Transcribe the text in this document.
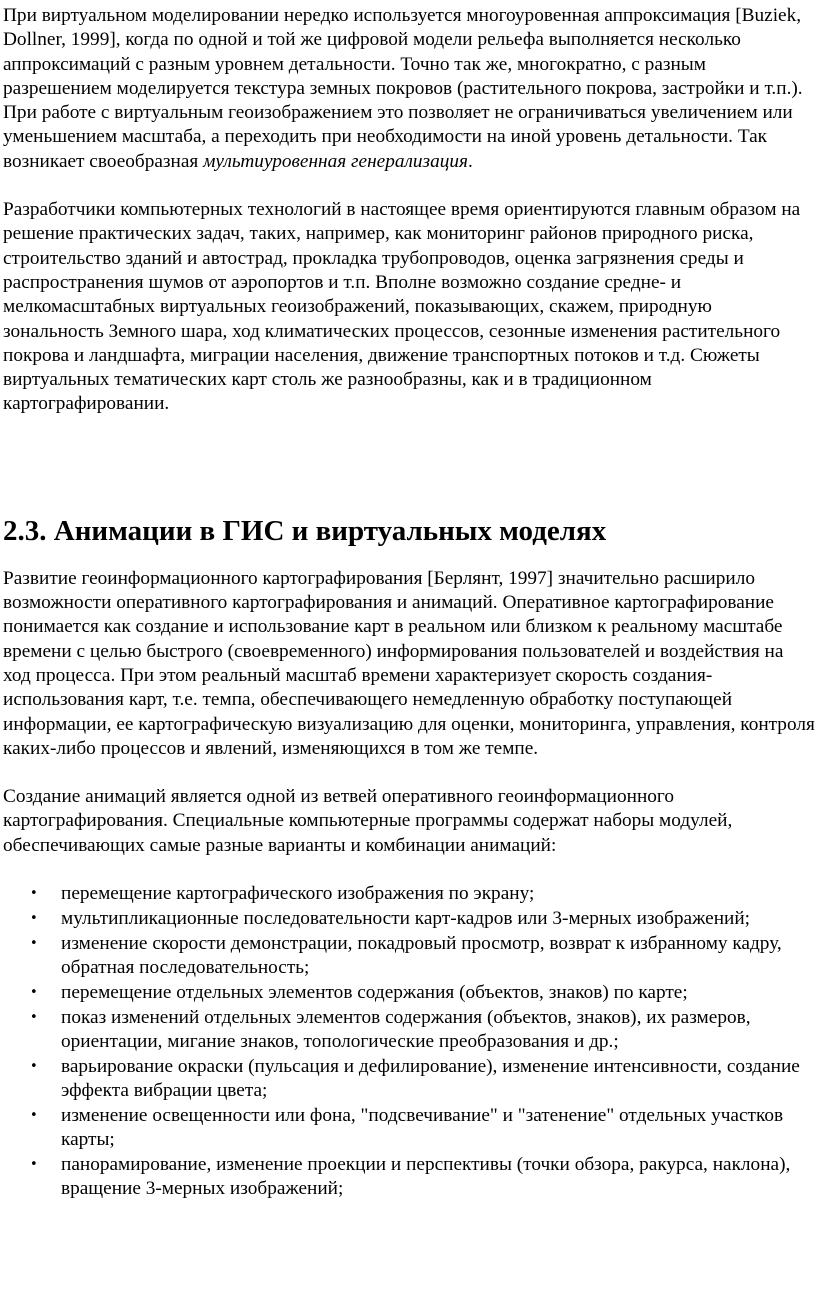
При виртуальном моделировании нередко используется многоуровенная аппроксимация [Buziek, Dollner, 1999], когда по одной и той же цифровой модели рельефа выполняется несколько аппроксимаций с разным уровнем детальности. Точно так же, многократно, с разным разрешением моделируется текстура земных покровов (растительного покрова, застройки и т.п.). При работе с виртуальным геоизображением это позволяет не ограничиваться увеличением или уменьшением масштаба, а переходить при необходимости на иной уровень детальности. Так возникает своеобразная мультиуровенная генерализация.

Разработчики компьютерных технологий в настоящее время ориентируются главным образом на решение практических задач, таких, например, как мониторинг районов природного риска, строительство зданий и автострад, прокладка трубопроводов, оценка загрязнения среды и распространения шумов от аэропортов и т.п. Вполне возможно создание средне- и мелкомасштабных виртуальных геоизображений, показывающих, скажем, природную зональность Земного шара, ход климатических процессов, сезонные изменения растительного покрова и ландшафта, миграции населения, движение транспортных потоков и т.д. Сюжеты виртуальных тематических карт столь же разнообразны, как и в традиционном картографировании.

2.3. Анимации в ГИС и виртуальных моделях

Развитие геоинформационного картографирования [Берлянт, 1997] значительно расширило возможности оперативного картографирования и анимаций. Оперативное картографирование понимается как создание и использование карт в реальном или близком к реальному масштабе времени с целью быстрого (своевременного) информирования пользователей и воздействия на ход процесса. При этом реальный масштаб времени характеризует скорость создания-использования карт, т.е. темпа, обеспечивающего немедленную обработку поступающей информации, ее картографическую визуализацию для оценки, мониторинга, управления, контроля каких-либо процессов и явлений, изменяющихся в том же темпе.

Создание анимаций является одной из ветвей оперативного геоинформационного картографирования. Специальные компьютерные программы содержат наборы модулей, обеспечивающих самые разные варианты и комбинации анимаций:

• перемещение картографического изображения по экрану;
• мультипликационные последовательности карт-кадров или 3-мерных изображений;
• изменение скорости демонстрации, покадровый просмотр, возврат к избранному кадру, обратная последовательность;
• перемещение отдельных элементов содержания (объектов, знаков) по карте;
• показ изменений отдельных элементов содержания (объектов, знаков), их размеров, ориентации, мигание знаков, топологические преобразования и др.;
• варьирование окраски (пульсация и дефилирование), изменение интенсивности, создание эффекта вибрации цвета;
• изменение освещенности или фона, "подсвечивание" и "затенение" отдельных участков карты;
• панорамирование, изменение проекции и перспективы (точки обзора, ракурса, наклона), вращение 3-мерных изображений;
